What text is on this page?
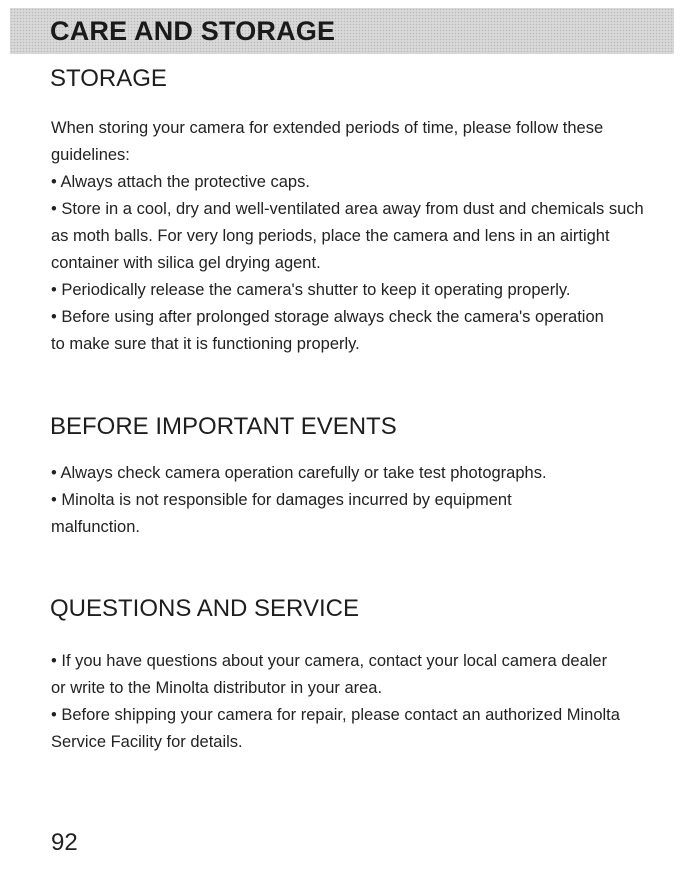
CARE AND STORAGE
STORAGE

When storing your camera for extended periods of time, please follow these guidelines:

• Always attach the protective caps.

• Store in a cool, dry and well-ventilated area away from dust and chemicals such as moth balls. For very long periods, place the camera and lens in an airtight container with silica gel drying agent.

• Periodically release the camera's shutter to keep it operating properly.

• Before using after prolonged storage always check the camera's operation to make sure that it is functioning properly.

BEFORE IMPORTANT EVENTS

• Always check camera operation carefully or take test photographs.

• Minolta is not responsible for damages incurred by equipment malfunction.

QUESTIONS AND SERVICE

• If you have questions about your camera, contact your local camera dealer or write to the Minolta distributor in your area.

• Before shipping your camera for repair, please contact an authorized Minolta Service Facility for details.

92
